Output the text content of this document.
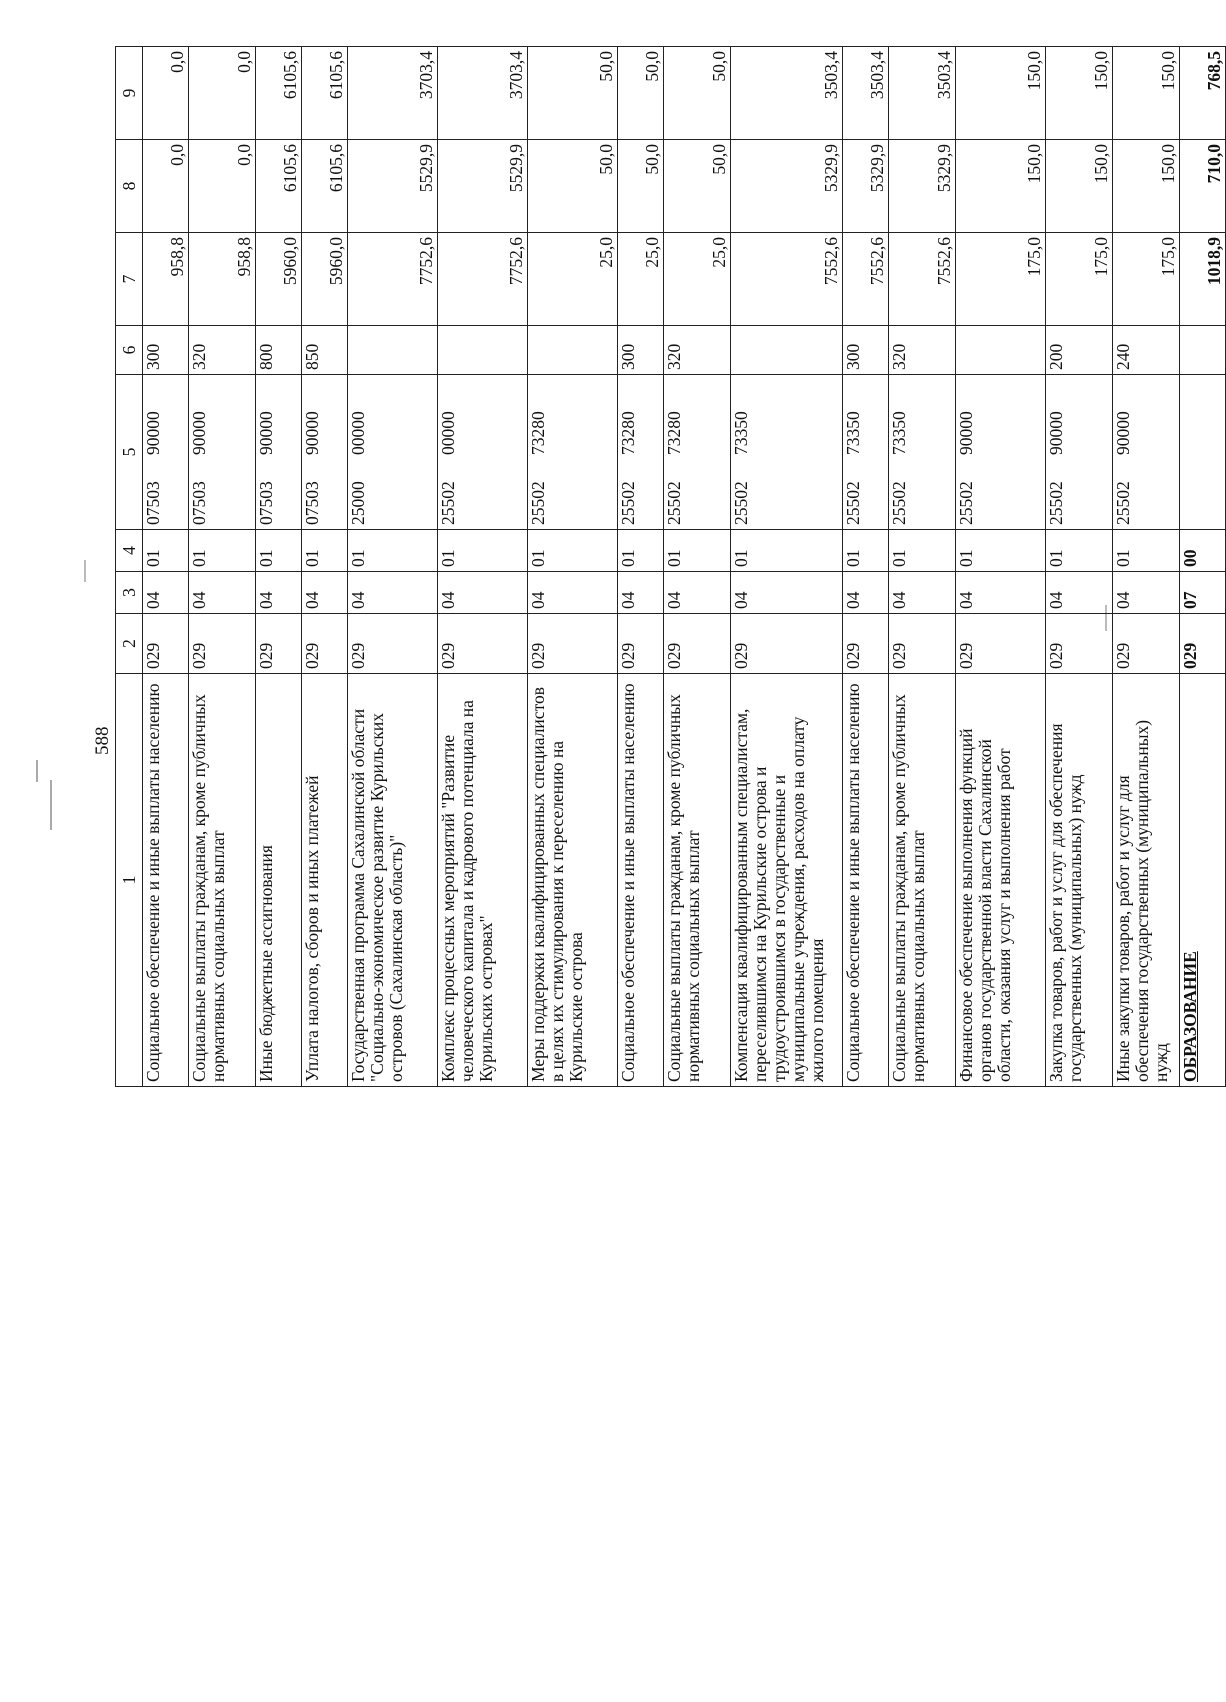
588
1	2	3	4	5	6	7	8	9
Социальное обеспечение и иные выплаты населению	029	04	01	07503  90000	300	958,8	0,0	0,0
Социальные выплаты гражданам, кроме публичных нормативных социальных выплат	029	04	01	07503  90000	320	958,8	0,0	0,0
Иные бюджетные ассигнования	029	04	01	07503  90000	800	5960,0	6105,6	6105,6
Уплата налогов, сборов и иных платежей	029	04	01	07503  90000	850	5960,0	6105,6	6105,6
Государственная программа Сахалинской области "Социально-экономическое развитие Курильских островов (Сахалинская область)"	029	04	01	25000  00000		7752,6	5529,9	3703,4
Комплекс процессных мероприятий "Развитие человеческого капитала и кадрового потенциала на Курильских островах"	029	04	01	25502  00000		7752,6	5529,9	3703,4
Меры поддержки квалифицированных специалистов в целях их стимулирования к переселению на Курильские острова	029	04	01	25502  73280		25,0	50,0	50,0
Социальное обеспечение и иные выплаты населению	029	04	01	25502  73280	300	25,0	50,0	50,0
Социальные выплаты гражданам, кроме публичных нормативных социальных выплат	029	04	01	25502  73280	320	25,0	50,0	50,0
Компенсация квалифицированным специалистам, переселившимся на Курильские острова и трудоустроившимся в государственные и муниципальные учреждения, расходов на оплату жилого помещения	029	04	01	25502  73350		7552,6	5329,9	3503,4
Социальное обеспечение и иные выплаты населению	029	04	01	25502  73350	300	7552,6	5329,9	3503,4
Социальные выплаты гражданам, кроме публичных нормативных социальных выплат	029	04	01	25502  73350	320	7552,6	5329,9	3503,4
Финансовое обеспечение выполнения функций органов государственной власти Сахалинской области, оказания услуг и выполнения работ	029	04	01	25502  90000		175,0	150,0	150,0
Закупка товаров, работ и услуг для обеспечения государственных (муниципальных) нужд	029	04	01	25502  90000	200	175,0	150,0	150,0
Иные закупки товаров, работ и услуг для обеспечения государственных (муниципальных) нужд	029	04	01	25502  90000	240	175,0	150,0	150,0
ОБРАЗОВАНИЕ	029	07	00	  		1018,9	710,0	768,5
